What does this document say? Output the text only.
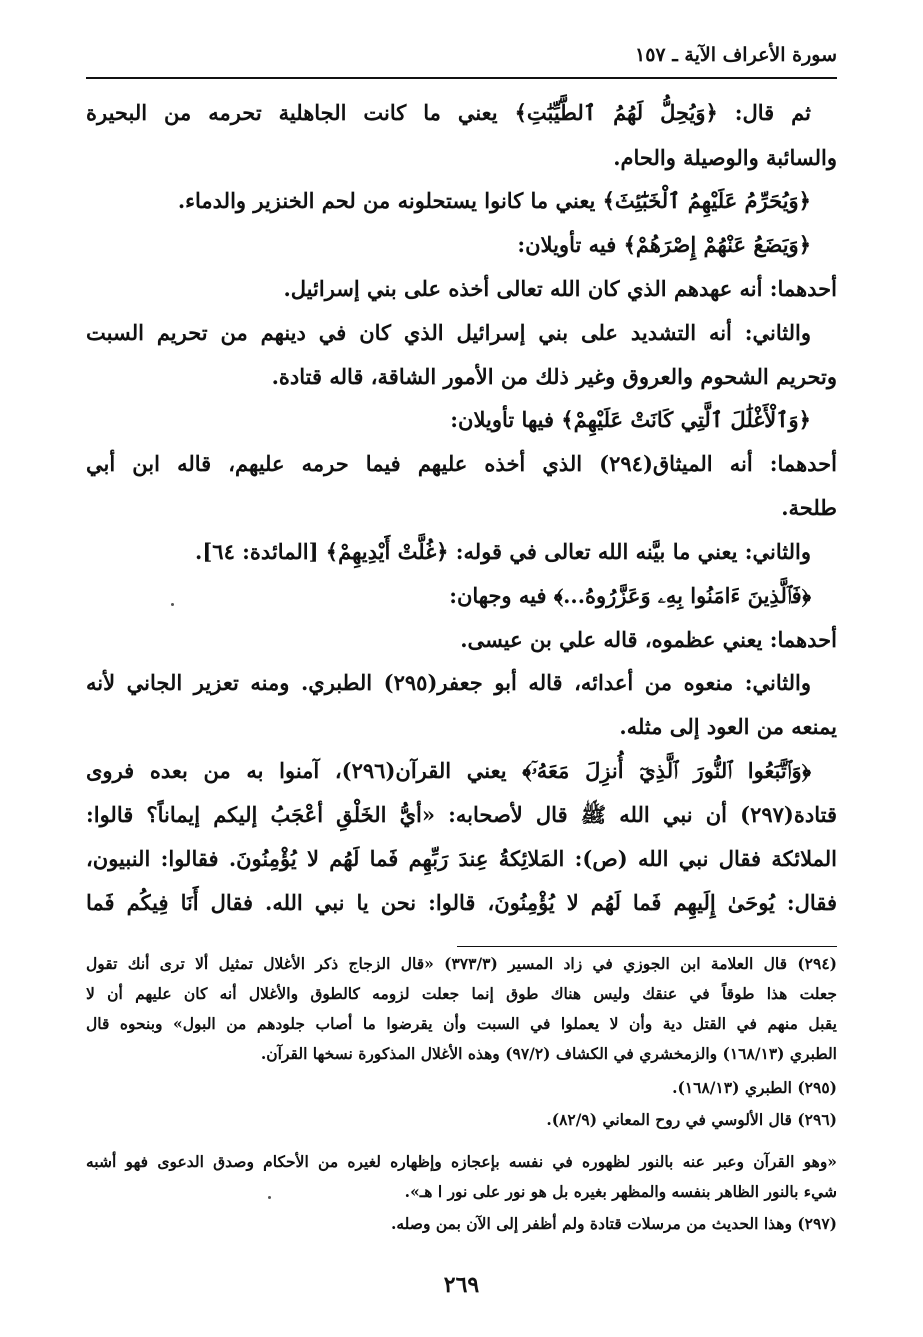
سورة الأعراف الآية ـ ١٥٧
ثم قال: ﴿وَيُحِلُّ لَهُمُ ٱلطَّيِّبَٰتِ﴾ يعني ما كانت الجاهلية تحرمه من البحيرة
والسائبة والوصيلة والحام.
﴿وَيُحَرِّمُ عَلَيْهِمُ ٱلْخَبَٰٓئِثَ﴾ يعني ما كانوا يستحلونه من لحم الخنزير والدماء.
﴿وَيَضَعُ عَنْهُمْ إِصْرَهُمْ﴾ فيه تأويلان:
أحدهما: أنه عهدهم الذي كان الله تعالى أخذه على بني إسرائيل.
والثاني: أنه التشديد على بني إسرائيل الذي كان في دينهم من تحريم السبت
وتحريم الشحوم والعروق وغير ذلك من الأمور الشاقة، قاله قتادة.
﴿وَٱلْأَغْلَٰلَ ٱلَّتِي كَانَتْ عَلَيْهِمْ﴾ فيها تأويلان:
أحدهما: أنه الميثاق(٢٩٤) الذي أخذه عليهم فيما حرمه عليهم، قاله ابن أبي
طلحة.
والثاني: يعني ما بيَّنه الله تعالى في قوله: ﴿غُلَّتْ أَيْدِيهِمْ﴾ [المائدة: ٦٤].
﴿فَٱلَّذِينَ ءَامَنُوا بِهِۦ وَعَزَّرُوهُ...﴾ فيه وجهان:
أحدهما: يعني عظموه، قاله علي بن عيسى.
والثاني: منعوه من أعدائه، قاله أبو جعفر(٢٩٥) الطبري. ومنه تعزير الجاني لأنه
يمنعه من العود إلى مثله.
﴿وَٱتَّبَعُوا ٱلنُّورَ ٱلَّذِيٓ أُنزِلَ مَعَهُۥٓ﴾ يعني القرآن(٢٩٦)، آمنوا به من بعده فروى
قتادة(٢٩٧) أن نبي الله ﷺ قال لأصحابه: «أيُّ الخَلْقِ أعْجَبُ إليكم إيماناً؟ قالوا:
الملائكة فقال نبي الله (ص): المَلائِكةُ عِندَ رَبِّهِم فَما لَهُم لا يُؤْمِنُونَ. فقالوا: النبيون،
فقال: يُوحَىٰ إِلَيهِم فَما لَهُم لا يُؤْمِنُونَ، قالوا: نحن يا نبي الله. فقال أَنَا فِيكُم فَما
(٢٩٤) قال العلامة ابن الجوزي في زاد المسير (٣٧٣/٣) «قال الزجاج ذكر الأغلال تمثيل ألا ترى أنك تقول
جعلت هذا طوقاً في عنقك وليس هناك طوق إنما جعلت لزومه كالطوق والأغلال أنه كان عليهم أن لا
يقبل منهم في القتل دية وأن لا يعملوا في السبت وأن يقرضوا ما أصاب جلودهم من البول» وبنحوه قال
الطبري (١٦٨/١٣) والزمخشري في الكشاف (٩٧/٢) وهذه الأغلال المذكورة نسخها القرآن.
(٢٩٥) الطبري (١٦٨/١٣).
(٢٩٦) قال الألوسي في روح المعاني (٨٢/٩).
«وهو القرآن وعبر عنه بالنور لظهوره في نفسه بإعجازه وإظهاره لغيره من الأحكام وصدق الدعوى فهو أشبه
شيء بالنور الظاهر بنفسه والمظهر بغيره بل هو نور على نور ا هـ».
(٢٩٧) وهذا الحديث من مرسلات قتادة ولم أظفر إلى الآن بمن وصله.
٢٦٩
